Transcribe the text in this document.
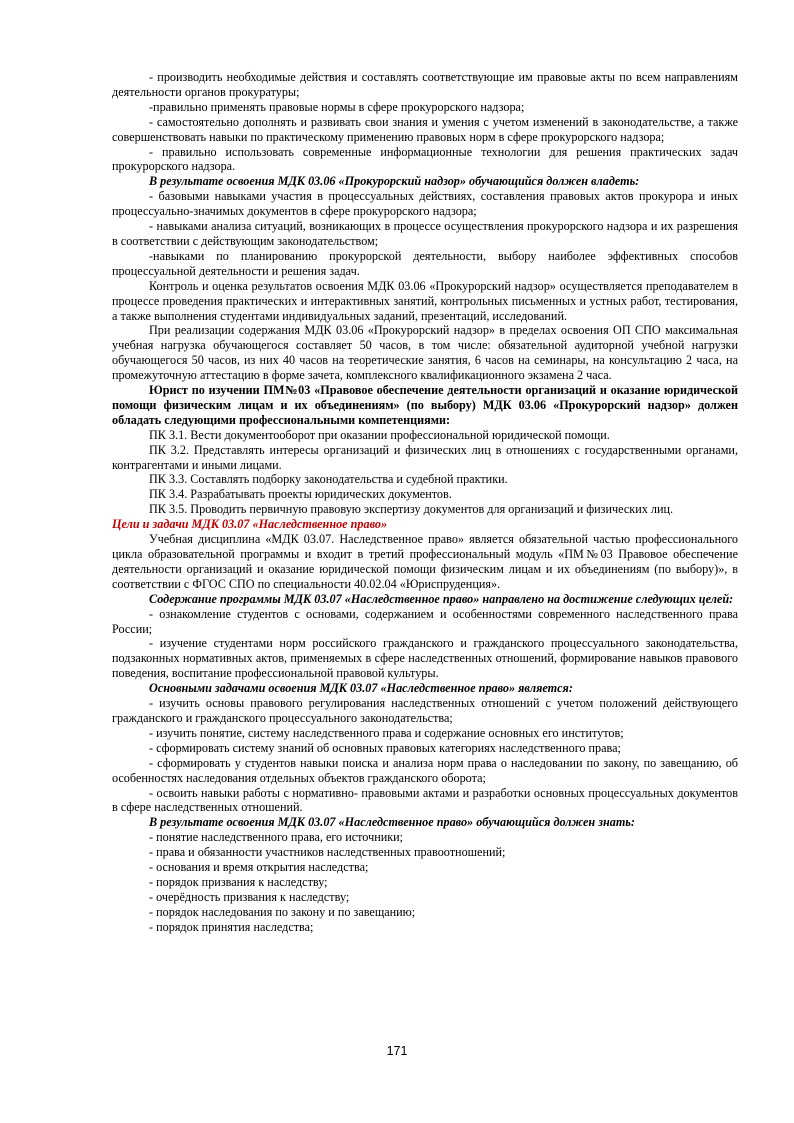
- производить необходимые действия и составлять соответствующие им правовые акты по всем направлениям деятельности органов прокуратуры;

-правильно применять правовые нормы в сфере прокурорского надзора;

- самостоятельно дополнять и развивать свои знания и умения с учетом изменений в законодательстве, а также совершенствовать навыки по практическому применению правовых норм в сфере прокурорского надзора;

- правильно использовать современные информационные технологии для решения практических задач прокурорского надзора.

В результате освоения МДК 03.06 «Прокурорский надзор» обучающийся должен владеть:

- базовыми навыками участия в процессуальных действиях, составления правовых актов прокурора и иных процессуально-значимых документов в сфере прокурорского надзора;

- навыками анализа ситуаций, возникающих в процессе осуществления прокурорского надзора и их разрешения в соответствии с действующим законодательством;

-навыками по планированию прокурорской деятельности, выбору наиболее эффективных способов процессуальной деятельности и решения задач.

Контроль и оценка результатов освоения МДК 03.06 «Прокурорский надзор» осуществляется преподавателем в процессе проведения практических и интерактивных занятий, контрольных письменных и устных работ, тестирования, а также выполнения студентами индивидуальных заданий, презентаций, исследований.

При реализации содержания МДК 03.06 «Прокурорский надзор» в пределах освоения ОП СПО максимальная учебная нагрузка обучающегося составляет 50 часов, в том числе: обязательной аудиторной учебной нагрузки обучающегося 50 часов, из них 40 часов на теоретические занятия, 6 часов на семинары, на консультацию 2 часа, на промежуточную аттестацию в форме зачета, комплексного квалификационного экзамена 2 часа.

Юрист по изучении ПМ№03 «Правовое обеспечение деятельности организаций и оказание юридической помощи физическим лицам и их объединениям» (по выбору) МДК 03.06 «Прокурорский надзор» должен обладать следующими профессиональными компетенциями:

ПК 3.1. Вести документооборот при оказании профессиональной юридической помощи.

ПК 3.2. Представлять интересы организаций и физических лиц в отношениях с государственными органами, контрагентами и иными лицами.

ПК 3.3. Составлять подборку законодательства и судебной практики.

ПК 3.4. Разрабатывать проекты юридических документов.

ПК 3.5. Проводить первичную правовую экспертизу документов для организаций и физических лиц.

Цели и задачи МДК 03.07 «Наследственное право»

Учебная дисциплина «МДК 03.07. Наследственное право» является обязательной частью профессионального цикла образовательной программы и входит в третий профессиональный модуль «ПМ№03 Правовое обеспечение деятельности организаций и оказание юридической помощи физическим лицам и их объединениям (по выбору)», в соответствии с ФГОС СПО по специальности 40.02.04 «Юриспруденция».

Содержание программы МДК 03.07 «Наследственное право» направлено на достижение следующих целей:

- ознакомление студентов с основами, содержанием и особенностями современного наследственного права России;

- изучение студентами норм российского гражданского и гражданского процессуального законодательства, подзаконных нормативных актов, применяемых в сфере наследственных отношений, формирование навыков правового поведения, воспитание профессиональной правовой культуры.

Основными задачами освоения МДК 03.07 «Наследственное право» является:

- изучить основы правового регулирования наследственных отношений с учетом положений действующего гражданского и гражданского процессуального законодательства;

- изучить понятие, систему наследственного права и содержание основных его институтов;

- сформировать систему знаний об основных правовых категориях наследственного права;

- сформировать у студентов навыки поиска и анализа норм права о наследовании по закону, по завещанию, об особенностях наследования отдельных объектов гражданского оборота;

- освоить навыки работы с нормативно- правовыми актами и разработки основных процессуальных документов в сфере наследственных отношений.

В результате освоения МДК 03.07 «Наследственное право» обучающийся должен знать:

- понятие наследственного права, его источники;

- права и обязанности участников наследственных правоотношений;

- основания и время открытия наследства;

- порядок призвания к наследству;

- очерёдность призвания к наследству;

- порядок наследования по закону и по завещанию;

- порядок принятия наследства;

171
